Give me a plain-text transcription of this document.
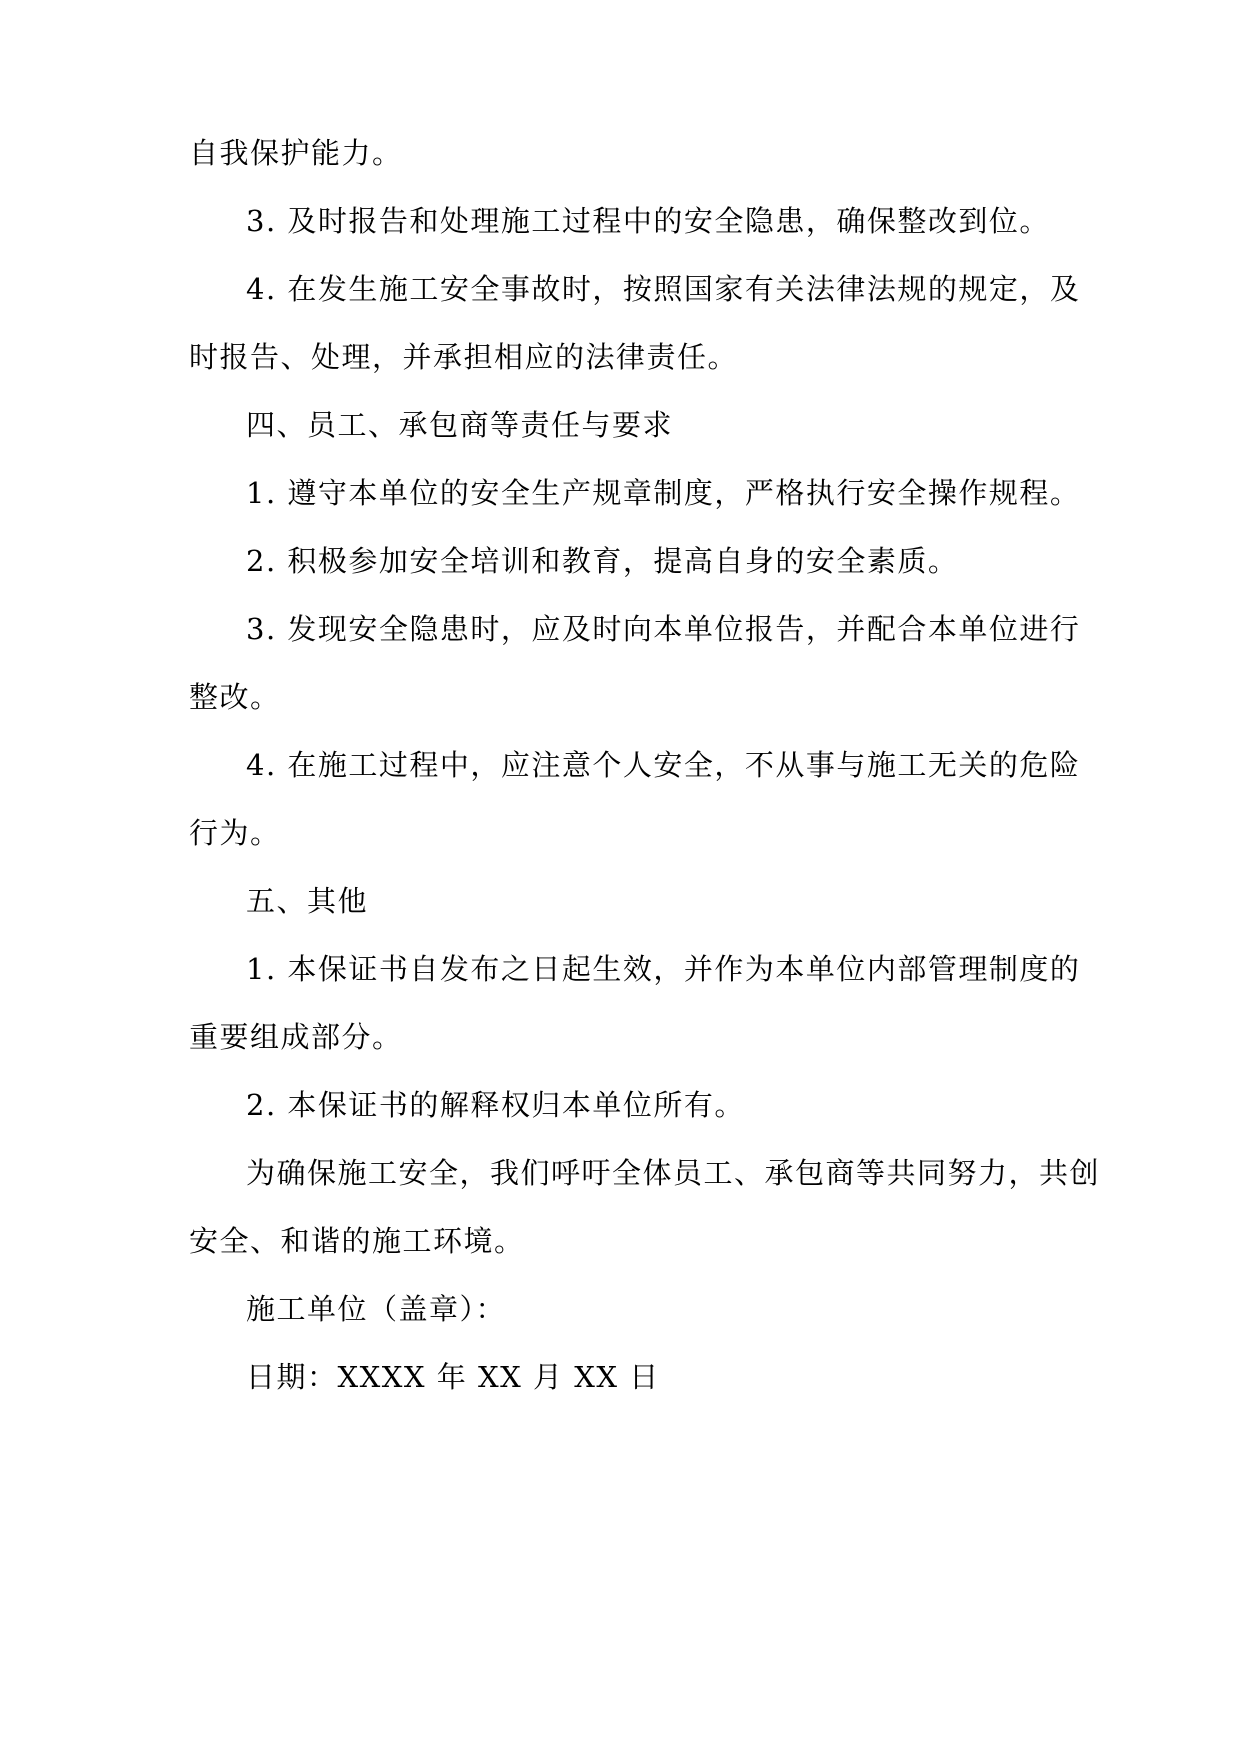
自我保护能力。
3. 及时报告和处理施工过程中的安全隐患，确保整改到位。
4. 在发生施工安全事故时，按照国家有关法律法规的规定，及
时报告、处理，并承担相应的法律责任。
四、员工、承包商等责任与要求
1. 遵守本单位的安全生产规章制度，严格执行安全操作规程。
2. 积极参加安全培训和教育，提高自身的安全素质。
3. 发现安全隐患时，应及时向本单位报告，并配合本单位进行
整改。
4. 在施工过程中，应注意个人安全，不从事与施工无关的危险
行为。
五、其他
1. 本保证书自发布之日起生效，并作为本单位内部管理制度的
重要组成部分。
2. 本保证书的解释权归本单位所有。
为确保施工安全，我们呼吁全体员工、承包商等共同努力，共创
安全、和谐的施工环境。
施工单位（盖章）：
日期：XXXX 年 XX 月 XX 日
